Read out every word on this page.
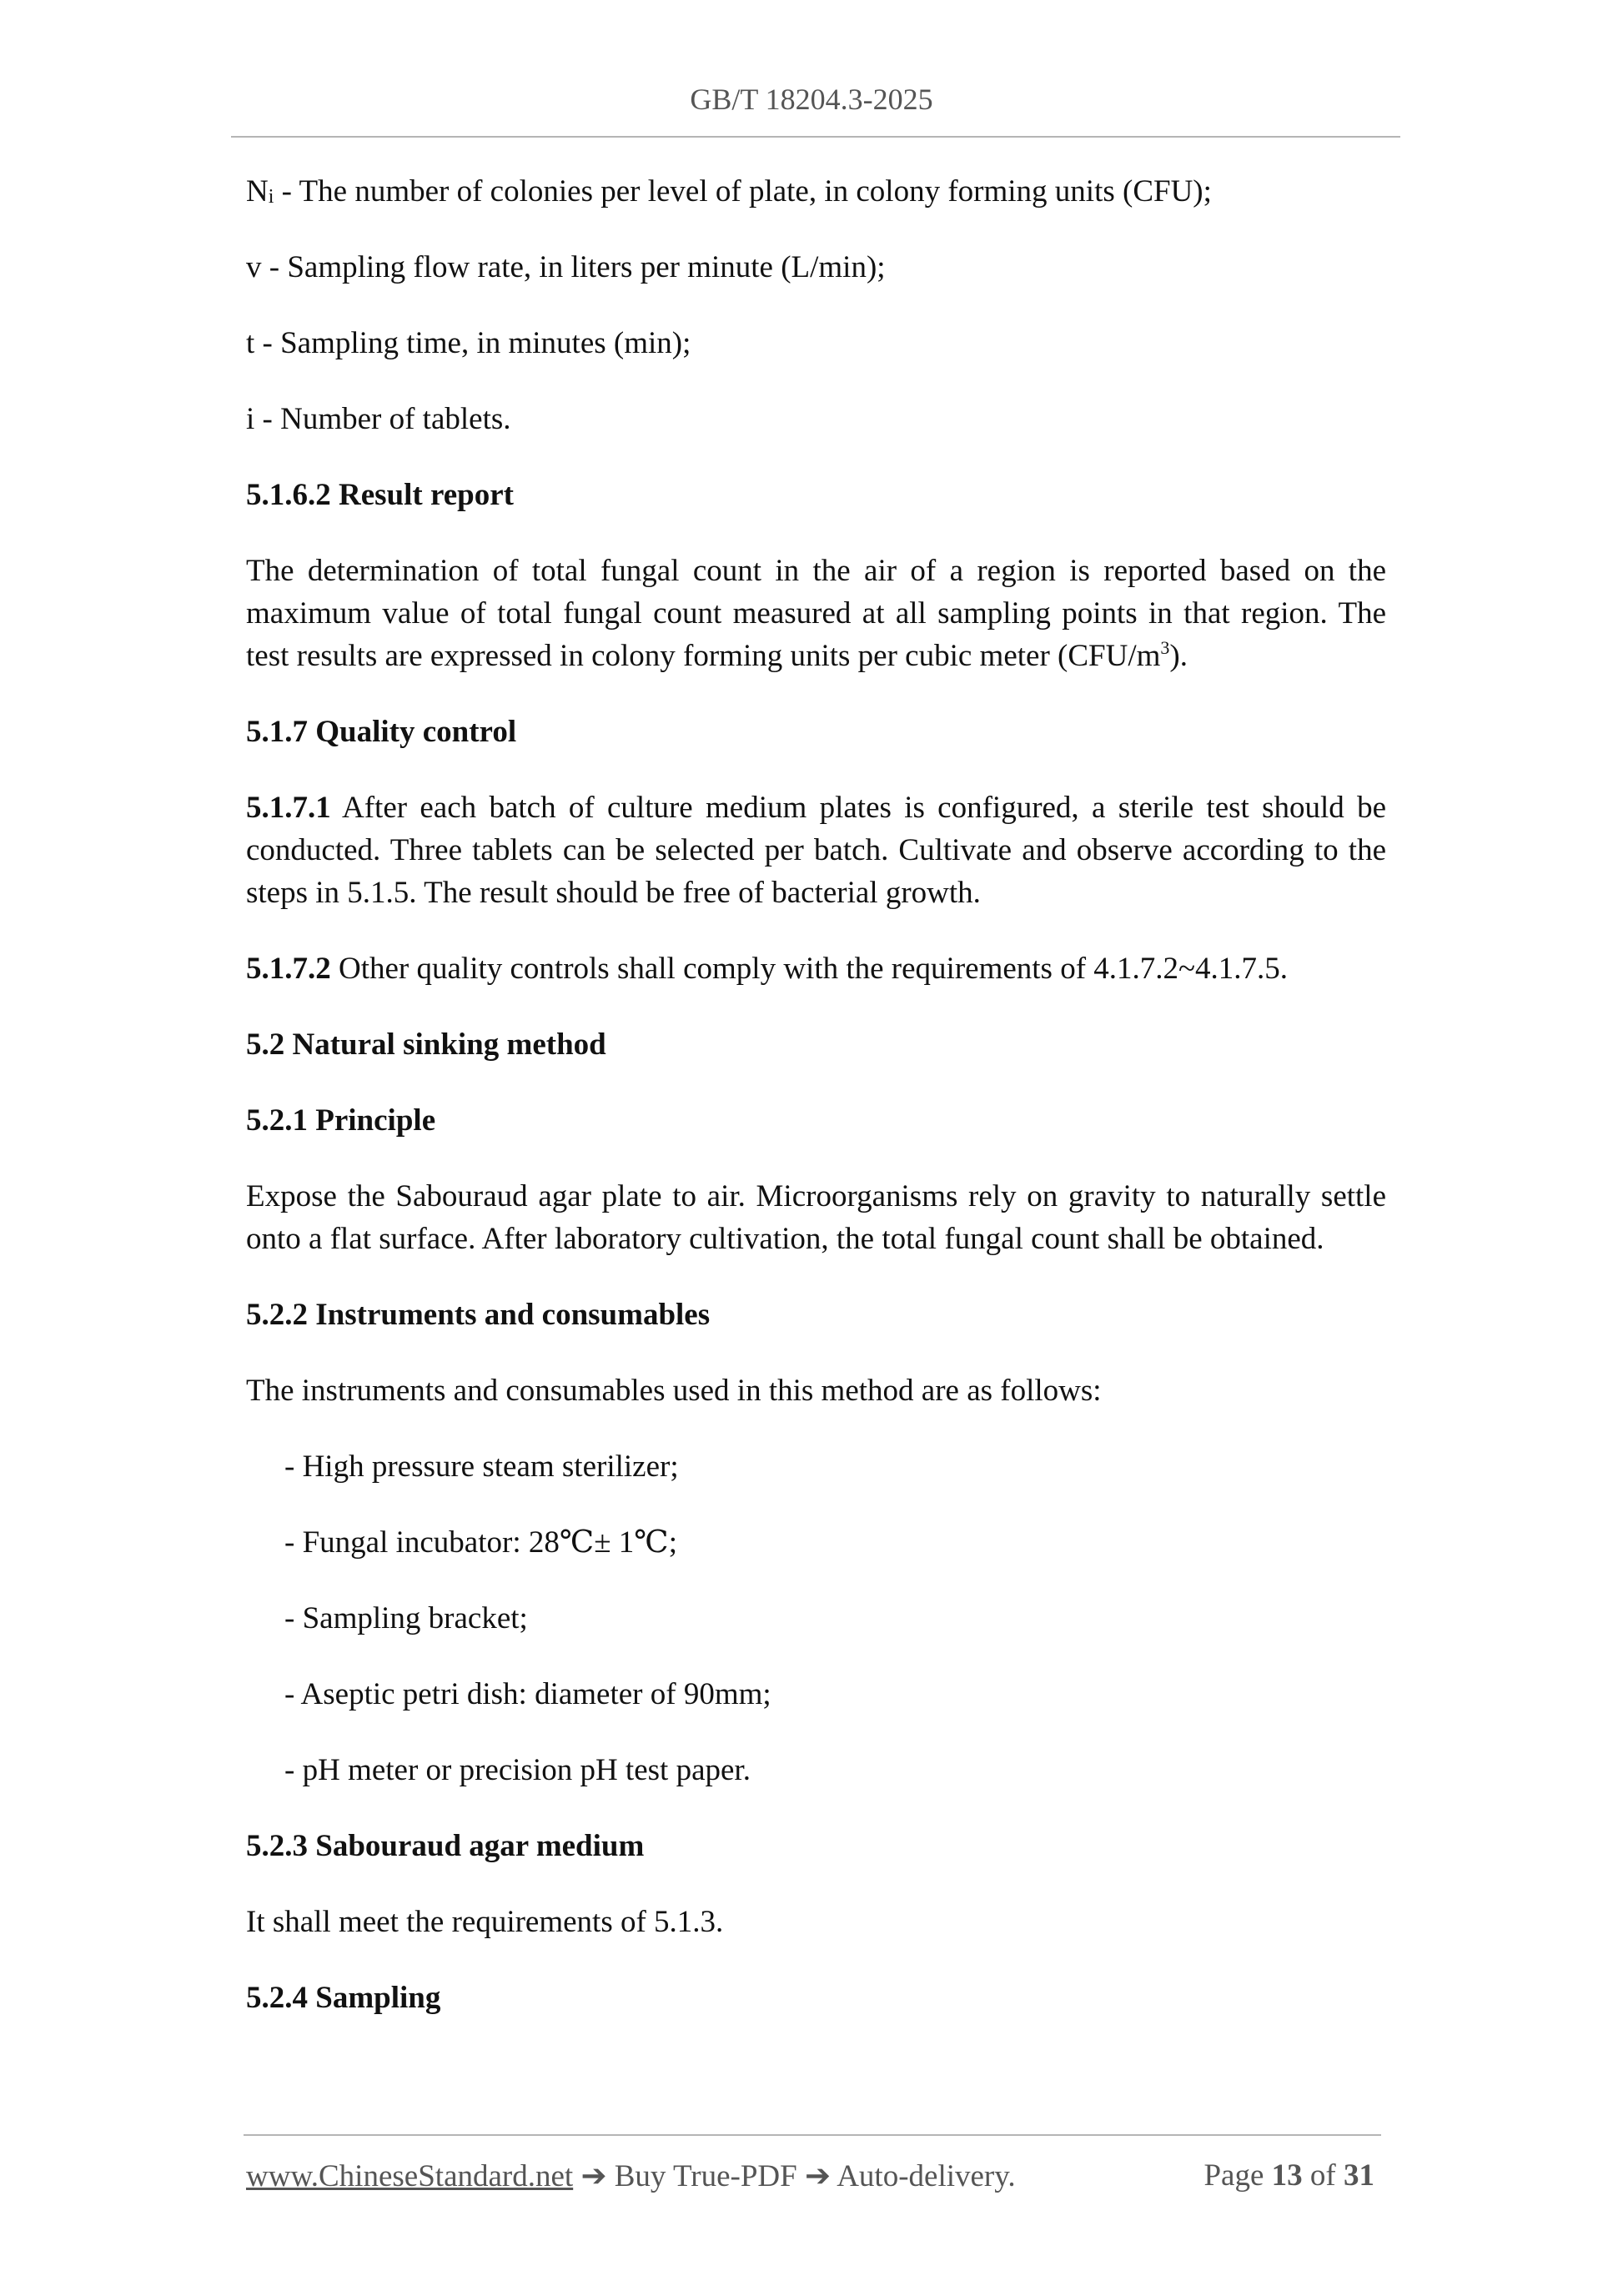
GB/T 18204.3-2025

$N_i$ - The number of colonies per level of plate, in colony forming units (CFU);

v - Sampling flow rate, in liters per minute (L/min);

t - Sampling time, in minutes (min);

i - Number of tablets.

5.1.6.2 Result report

The determination of total fungal count in the air of a region is reported based on the maximum value of total fungal count measured at all sampling points in that region. The test results are expressed in colony forming units per cubic meter $(CFU/m^3)$.

5.1.7 Quality control

5.1.7.1 After each batch of culture medium plates is configured, a sterile test should be conducted. Three tablets can be selected per batch. Cultivate and observe according to the steps in 5.1.5. The result should be free of bacterial growth.

5.1.7.2 Other quality controls shall comply with the requirements of 4.1.7.2~4.1.7.5.

5.2 Natural sinking method

5.2.1 Principle

Expose the Sabouraud agar plate to air. Microorganisms rely on gravity to naturally settle onto a flat surface. After laboratory cultivation, the total fungal count shall be obtained.

5.2.2 Instruments and consumables

The instruments and consumables used in this method are as follows:

- High pressure steam sterilizer;

- Fungal incubator: 28℃± 1℃;

- Sampling bracket;

- Aseptic petri dish: diameter of 90mm;

- pH meter or precision pH test paper.

5.2.3 Sabouraud agar medium

It shall meet the requirements of 5.1.3.

5.2.4 Sampling

www.ChineseStandard.net ➔ Buy True-PDF ➔ Auto-delivery.	Page 13 of 31
